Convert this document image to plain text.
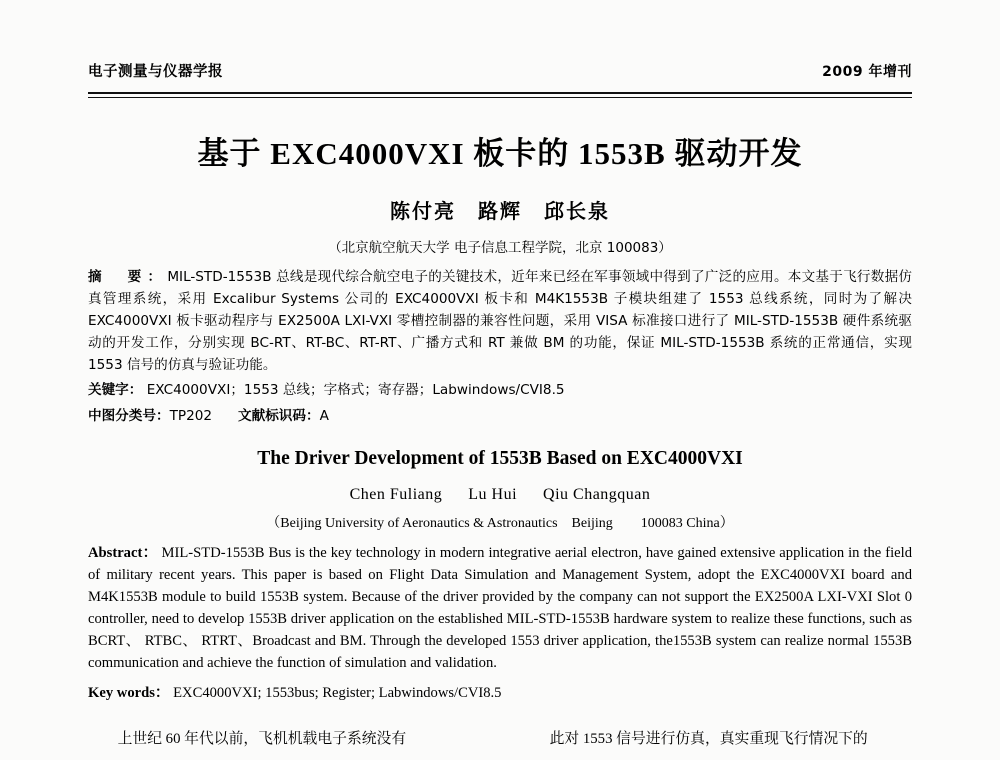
电子测量与仪器学报	2009 年增刊
基于 EXC4000VXI 板卡的 1553B 驱动开发
陈付亮　路辉　邱长泉
（北京航空航天大学 电子信息工程学院，北京 100083）
摘　要：MIL-STD-1553B 总线是现代综合航空电子的关键技术，近年来已经在军事领域中得到了广泛的应用。本文基于飞行数据仿真管理系统，采用 Excalibur Systems 公司的 EXC4000VXI 板卡和 M4K1553B 子模块组建了 1553 总线系统，同时为了解决 EXC4000VXI 板卡驱动程序与 EX2500A LXI-VXI 零槽控制器的兼容性问题，采用 VISA 标准接口进行了 MIL-STD-1553B 硬件系统驱动的开发工作，分别实现 BC-RT、RT-BC、RT-RT、广播方式和 RT 兼做 BM 的功能，保证 MIL-STD-1553B 系统的正常通信，实现 1553 信号的仿真与验证功能。
关键字： EXC4000VXI；1553 总线；字格式；寄存器；Labwindows/CVI8.5
中图分类号：TP202 文献标识码：A
The Driver Development of 1553B Based on EXC4000VXI
Chen Fuliang Lu Hui Qiu Changquan
（Beijing University of Aeronautics & Astronautics　Beijing　　100083 China）
Abstract： MIL-STD-1553B Bus is the key technology in modern integrative aerial electron, have gained extensive application in the field of military recent years. This paper is based on Flight Data Simulation and Management System, adopt the EXC4000VXI board and M4K1553B module to build 1553B system. Because of the driver provided by the company can not support the EX2500A LXI-VXI Slot 0 controller, need to develop 1553B driver application on the established MIL-STD-1553B hardware system to realize these functions, such as BCRT、 RTBC、 RTRT、Broadcast and BM. Through the developed 1553 driver application, the1553B system can realize normal 1553B communication and achieve the function of simulation and validation.
Key words： EXC4000VXI; 1553bus; Register; Labwindows/CVI8.5

上世纪 60 年代以前，飞机机载电子系统没有	此对 1553 信号进行仿真，真实重现飞行情况下的
